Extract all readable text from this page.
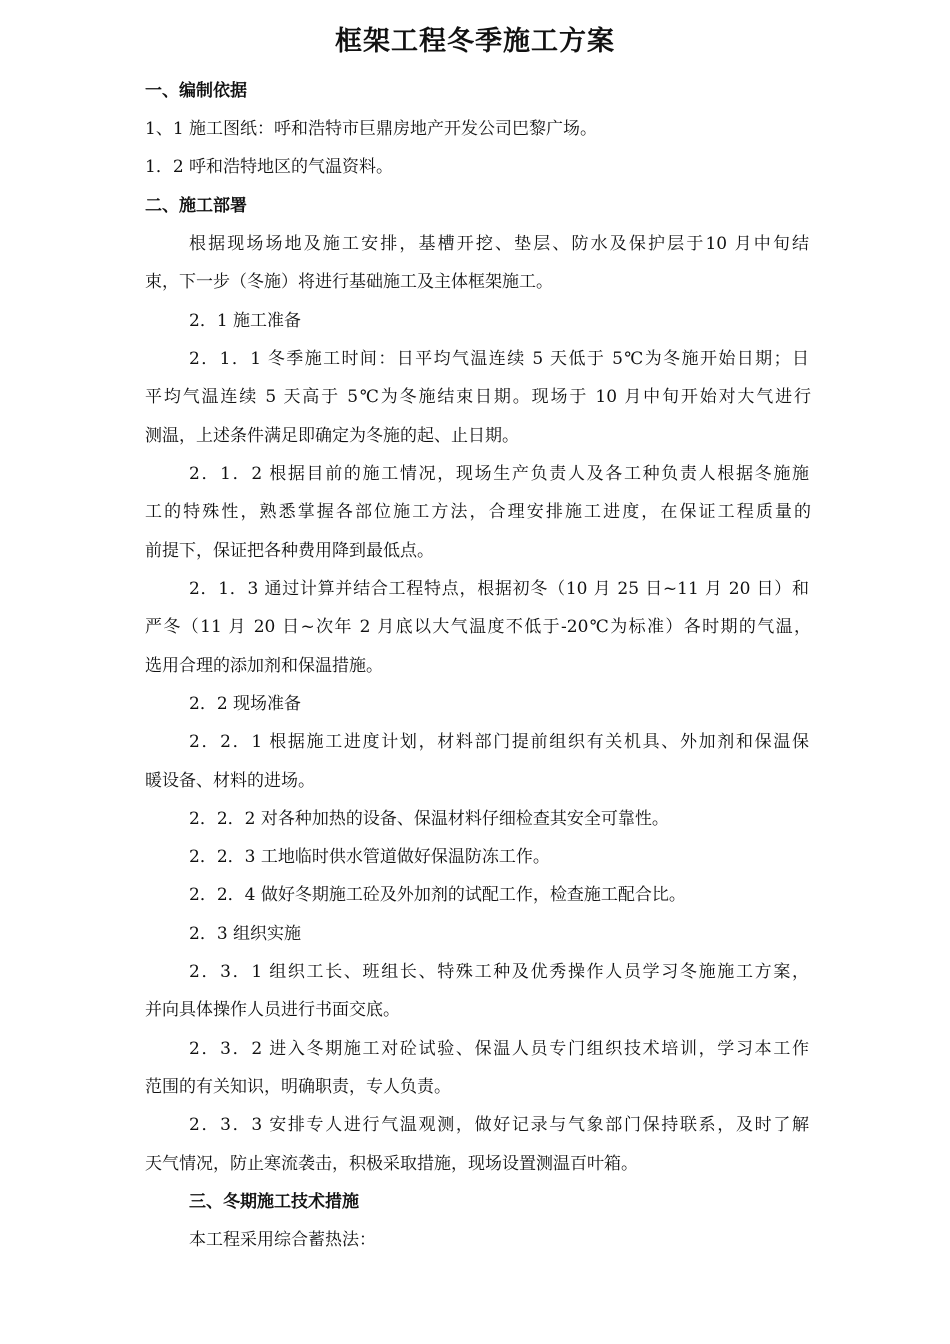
框架工程冬季施工方案
一、编制依据
1、1 施工图纸：呼和浩特市巨鼎房地产开发公司巴黎广场。
1．2 呼和浩特地区的气温资料。
二、施工部署
根据现场场地及施工安排，基槽开挖、垫层、防水及保护层于10 月中旬结
束，下一步（冬施）将进行基础施工及主体框架施工。
2．1 施工准备
2．1．1 冬季施工时间：日平均气温连续 5 天低于 5℃为冬施开始日期；日
平均气温连续 5 天高于 5℃为冬施结束日期。现场于 10 月中旬开始对大气进行
测温，上述条件满足即确定为冬施的起、止日期。
2．1．2 根据目前的施工情况，现场生产负责人及各工种负责人根据冬施施
工的特殊性，熟悉掌握各部位施工方法，合理安排施工进度，在保证工程质量的
前提下，保证把各种费用降到最低点。
2．1．3 通过计算并结合工程特点，根据初冬（10 月 25 日~11 月 20 日）和
严冬（11 月 20 日~次年 2 月底以大气温度不低于-20℃为标准）各时期的气温，
选用合理的添加剂和保温措施。
2．2 现场准备
2．2．1 根据施工进度计划，材料部门提前组织有关机具、外加剂和保温保
暖设备、材料的进场。
2．2．2 对各种加热的设备、保温材料仔细检查其安全可靠性。
2．2．3 工地临时供水管道做好保温防冻工作。
2．2．4 做好冬期施工砼及外加剂的试配工作，检查施工配合比。
2．3 组织实施
2．3．1 组织工长、班组长、特殊工种及优秀操作人员学习冬施施工方案，
并向具体操作人员进行书面交底。
2．3．2 进入冬期施工对砼试验、保温人员专门组织技术培训，学习本工作
范围的有关知识，明确职责，专人负责。
2．3．3 安排专人进行气温观测，做好记录与气象部门保持联系，及时了解
天气情况，防止寒流袭击，积极采取措施，现场设置测温百叶箱。
三、冬期施工技术措施
本工程采用综合蓄热法：
